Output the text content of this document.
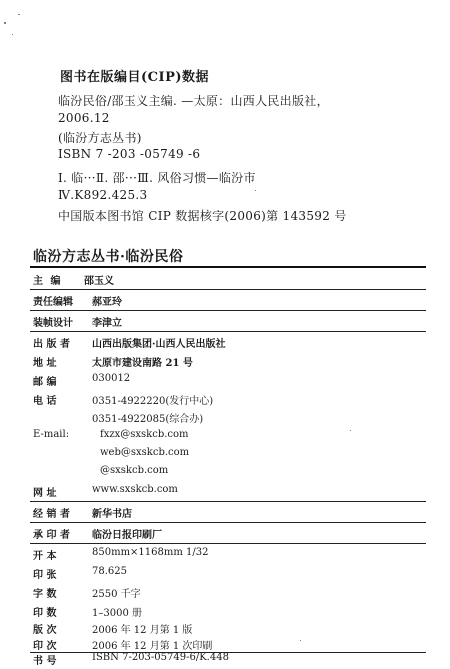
图书在版编目(CIP)数据
临汾民俗/邵玉义主编. —太原：山西人民出版社，
2006.12
(临汾方志丛书)
ISBN 7 -203 -05749 -6
Ⅰ. 临···Ⅱ. 邵···Ⅲ. 风俗习惯—临汾市
Ⅳ.K892.425.3
中国版本图书馆 CIP 数据核字(2006)第 143592 号
临汾方志丛书·临汾民俗
主 编 邵玉义
责任编辑 郝亚玲
装帧设计 李津立
出 版 者 山西出版集团·山西人民出版社
地 址	太原市建设南路 21 号
邮 编	030012
电 话	0351-4922220(发行中心)
0351-4922085(综合办)
E-mail:	fxzx@sxskcb.com
web@sxskcb.com
@sxskcb.com
网 址	www.sxskcb.com
经 销 者 新华书店
承 印 者 临汾日报印刷厂
开 本	850mm×1168mm 1/32
印 张	78.625
字 数	2550 千字
印 数	1–3000 册
版 次	2006 年 12 月第 1 版
印 次	2006 年 12 月第 1 次印刷
书 号	ISBN 7-203-05749-6/K.448
